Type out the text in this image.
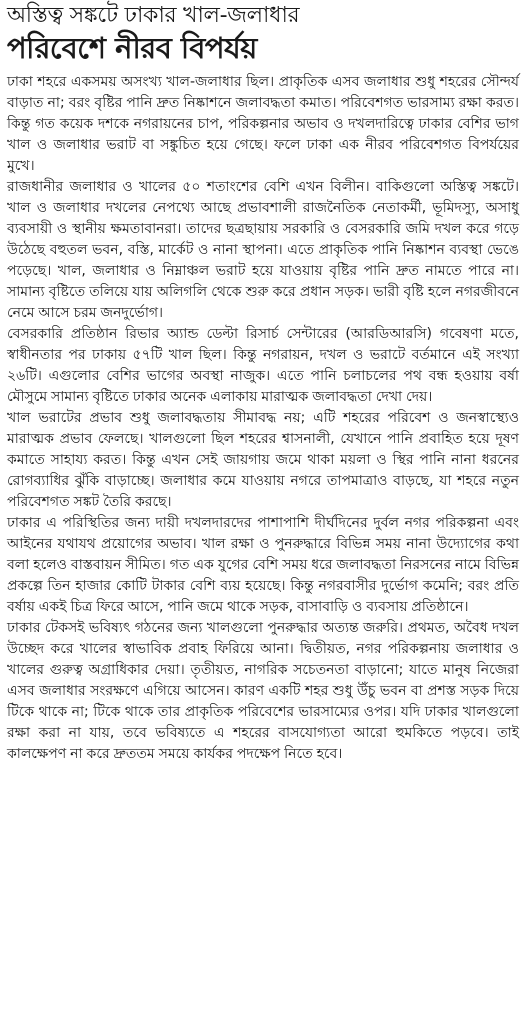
অস্তিত্ব সঙ্কটে ঢাকার খাল-জলাধার
পরিবেশে নীরব বিপর্যয়

ঢাকা শহরে একসময় অসংখ্য খাল-জলাধার ছিল। প্রাকৃতিক এসব জলাধার শুধু শহরের সৌন্দর্য বাড়াত না; বরং বৃষ্টির পানি দ্রুত নিষ্কাশনে জলাবদ্ধতা কমাত। পরিবেশগত ভারসাম্য রক্ষা করত। কিন্তু গত কয়েক দশকে নগরায়নের চাপ, পরিকল্পনার অভাব ও দখলদারিত্বে ঢাকার বেশির ভাগ খাল ও জলাধার ভরাট বা সঙ্কুচিত হয়ে গেছে। ফলে ঢাকা এক নীরব পরিবেশগত বিপর্যয়ের মুখে।

রাজধানীর জলাধার ও খালের ৫০ শতাংশের বেশি এখন বিলীন। বাকিগুলো অস্তিত্ব সঙ্কটে। খাল ও জলাধার দখলের নেপথ্যে আছে প্রভাবশালী রাজনৈতিক নেতাকর্মী, ভূমিদস্যু, অসাধু ব্যবসায়ী ও স্থানীয় ক্ষমতাবানরা। তাদের ছত্রছায়ায় সরকারি ও বেসরকারি জমি দখল করে গড়ে উঠেছে বহুতল ভবন, বস্তি, মার্কেট ও নানা স্থাপনা। এতে প্রাকৃতিক পানি নিষ্কাশন ব্যবস্থা ভেঙে পড়েছে। খাল, জলাধার ও নিম্নাঞ্চল ভরাট হয়ে যাওয়ায় বৃষ্টির পানি দ্রুত নামতে পারে না। সামান্য বৃষ্টিতে তলিয়ে যায় অলিগলি থেকে শুরু করে প্রধান সড়ক। ভারী বৃষ্টি হলে নগরজীবনে নেমে আসে চরম জনদুর্ভোগ।

বেসরকারি প্রতিষ্ঠান রিভার অ্যান্ড ডেল্টা রিসার্চ সেন্টারের (আরডিআরসি) গবেষণা মতে, স্বাধীনতার পর ঢাকায় ৫৭টি খাল ছিল। কিন্তু নগরায়ন, দখল ও ভরাটে বর্তমানে এই সংখ্যা ২৬টি। এগুলোর বেশির ভাগের অবস্থা নাজুক। এতে পানি চলাচলের পথ বন্ধ হওয়ায় বর্ষা মৌসুমে সামান্য বৃষ্টিতে ঢাকার অনেক এলাকায় মারাত্মক জলাবদ্ধতা দেখা দেয়।

খাল ভরাটের প্রভাব শুধু জলাবদ্ধতায় সীমাবদ্ধ নয়; এটি শহরের পরিবেশ ও জনস্বাস্থ্যেও মারাত্মক প্রভাব ফেলছে। খালগুলো ছিল শহরের শ্বাসনালী, যেখানে পানি প্রবাহিত হয়ে দূষণ কমাতে সাহায্য করত। কিন্তু এখন সেই জায়গায় জমে থাকা ময়লা ও স্থির পানি নানা ধরনের রোগব্যাধির ঝুঁকি বাড়াচ্ছে। জলাধার কমে যাওয়ায় নগরে তাপমাত্রাও বাড়ছে, যা শহরে নতুন পরিবেশগত সঙ্কট তৈরি করছে।

ঢাকার এ পরিস্থিতির জন্য দায়ী দখলদারদের পাশাপাশি দীর্ঘদিনের দুর্বল নগর পরিকল্পনা এবং আইনের যথাযথ প্রয়োগের অভাব। খাল রক্ষা ও পুনরুদ্ধারে বিভিন্ন সময় নানা উদ্যোগের কথা বলা হলেও বাস্তবায়ন সীমিত। গত এক যুগের বেশি সময় ধরে জলাবদ্ধতা নিরসনের নামে বিভিন্ন প্রকল্পে তিন হাজার কোটি টাকার বেশি ব্যয় হয়েছে। কিন্তু নগরবাসীর দুর্ভোগ কমেনি; বরং প্রতি বর্ষায় একই চিত্র ফিরে আসে, পানি জমে থাকে সড়ক, বাসাবাড়ি ও ব্যবসায় প্রতিষ্ঠানে।

ঢাকার টেকসই ভবিষ্যৎ গঠনের জন্য খালগুলো পুনরুদ্ধার অত্যন্ত জরুরি। প্রথমত, অবৈধ দখল উচ্ছেদ করে খালের স্বাভাবিক প্রবাহ ফিরিয়ে আনা। দ্বিতীয়ত, নগর পরিকল্পনায় জলাধার ও খালের গুরুত্ব অগ্রাধিকার দেয়া। তৃতীয়ত, নাগরিক সচেতনতা বাড়ানো; যাতে মানুষ নিজেরা এসব জলাধার সংরক্ষণে এগিয়ে আসেন। কারণ একটি শহর শুধু উঁচু ভবন বা প্রশস্ত সড়ক দিয়ে টিকে থাকে না; টিকে থাকে তার প্রাকৃতিক পরিবেশের ভারসাম্যের ওপর। যদি ঢাকার খালগুলো রক্ষা করা না যায়, তবে ভবিষ্যতে এ শহরের বাসযোগ্যতা আরো হুমকিতে পড়বে। তাই কালক্ষেপণ না করে দ্রুততম সময়ে কার্যকর পদক্ষেপ নিতে হবে।
